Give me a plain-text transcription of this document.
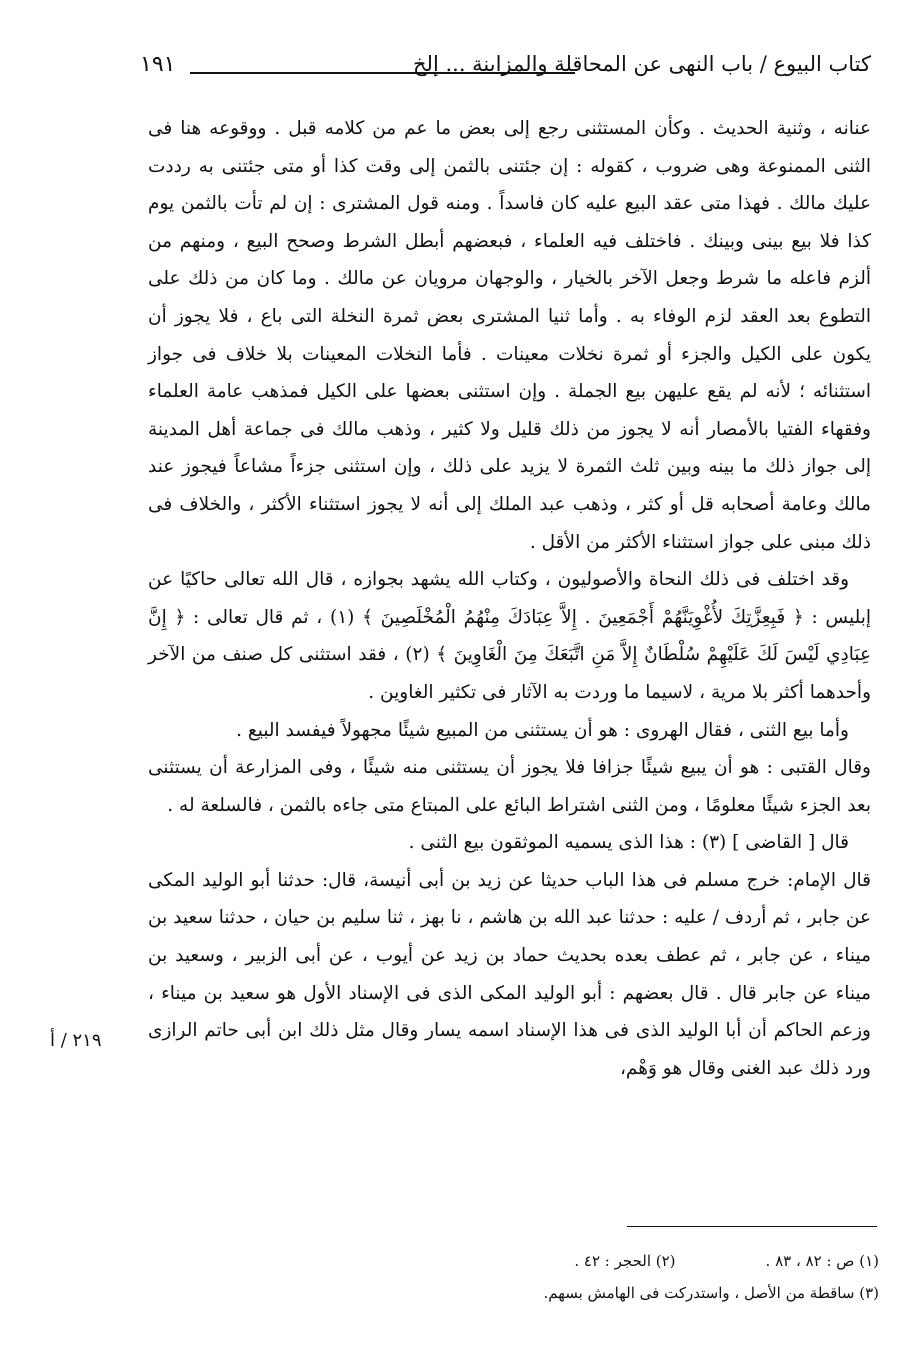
كتاب البيوع / باب النهى عن المحاقلة والمزابنة ... إلخ
١٩١

عنانه ، وثنية الحديث . وكأن المستثنى رجع إلى بعض ما عم من كلامه قبل . ووقوعه هنا فى الثنى الممنوعة وهى ضروب ، كقوله : إن جئتنى بالثمن إلى وقت كذا أو متى جئتنى به رددت عليك مالك . فهذا متى عقد البيع عليه كان فاسداً . ومنه قول المشترى : إن لم تأت بالثمن يوم كذا فلا بيع بينى وبينك . فاختلف فيه العلماء ، فبعضهم أبطل الشرط وصحح البيع ، ومنهم من ألزم فاعله ما شرط وجعل الآخر بالخيار ، والوجهان مرويان عن مالك . وما كان من ذلك على التطوع بعد العقد لزم الوفاء به . وأما ثنيا المشترى بعض ثمرة النخلة التى باع ، فلا يجوز أن يكون على الكيل والجزء أو ثمرة نخلات معينات . فأما النخلات المعينات بلا خلاف فى جواز استثنائه ؛ لأنه لم يقع عليهن بيع الجملة . وإن استثنى بعضها على الكيل فمذهب عامة العلماء وفقهاء الفتيا بالأمصار أنه لا يجوز من ذلك قليل ولا كثير ، وذهب مالك فى جماعة أهل المدينة إلى جواز ذلك ما بينه وبين ثلث الثمرة لا يزيد على ذلك ، وإن استثنى جزءاً مشاعاً فيجوز عند مالك وعامة أصحابه قل أو كثر ، وذهب عبد الملك إلى أنه لا يجوز استثناء الأكثر ، والخلاف فى ذلك مبنى على جواز استثناء الأكثر من الأقل .

وقد اختلف فى ذلك النحاة والأصوليون ، وكتاب الله يشهد بجوازه ، قال الله تعالى حاكيًا عن إبليس : ﴿ فَبِعِزَّتِكَ لأُغْوِيَنَّهُمْ أَجْمَعِينَ . إِلاَّ عِبَادَكَ مِنْهُمُ الْمُخْلَصِينَ ﴾ (١) ، ثم قال تعالى : ﴿ إِنَّ عِبَادِي لَيْسَ لَكَ عَلَيْهِمْ سُلْطَانٌ إِلاَّ مَنِ اتَّبَعَكَ مِنَ الْغَاوِينَ ﴾ (٢) ، فقد استثنى كل صنف من الآخر وأحدهما أكثر بلا مرية ، لاسيما ما وردت به الآثار فى تكثير الغاوين .

وأما بيع الثنى ، فقال الهروى : هو أن يستثنى من المبيع شيئًا مجهولاً فيفسد البيع .

وقال القتبى : هو أن يبيع شيئًا جزافا فلا يجوز أن يستثنى منه شيئًا ، وفى المزارعة أن يستثنى بعد الجزء شيئًا معلومًا ، ومن الثنى اشتراط البائع على المبتاع متى جاءه بالثمن ، فالسلعة له .

قال [ القاضى ] (٣) : هذا الذى يسميه الموثقون بيع الثنى .

قال الإمام: خرج مسلم فى هذا الباب حديثا عن زيد بن أبى أنيسة، قال: حدثنا أبو الوليد المكى عن جابر ، ثم أردف / عليه : حدثنا عبد الله بن هاشم ، نا بهز ، ثنا سليم بن حيان ، حدثنا سعيد بن ميناء ، عن جابر ، ثم عطف بعده بحديث حماد بن زيد عن أيوب ، عن أبى الزبير ، وسعيد بن ميناء عن جابر قال . قال بعضهم : أبو الوليد المكى الذى فى الإسناد الأول هو سعيد بن ميناء ، وزعم الحاكم أن أبا الوليد الذى فى هذا الإسناد اسمه يسار وقال مثل ذلك ابن أبى حاتم الرازى ورد ذلك عبد الغنى وقال هو وَهْم،

٢١٩ / أ
(١) ص : ٨٢ ، ٨٣ .
(٢) الحجر : ٤٢ .
(٣) ساقطة من الأصل ، واستدركت فى الهامش بسهم.
